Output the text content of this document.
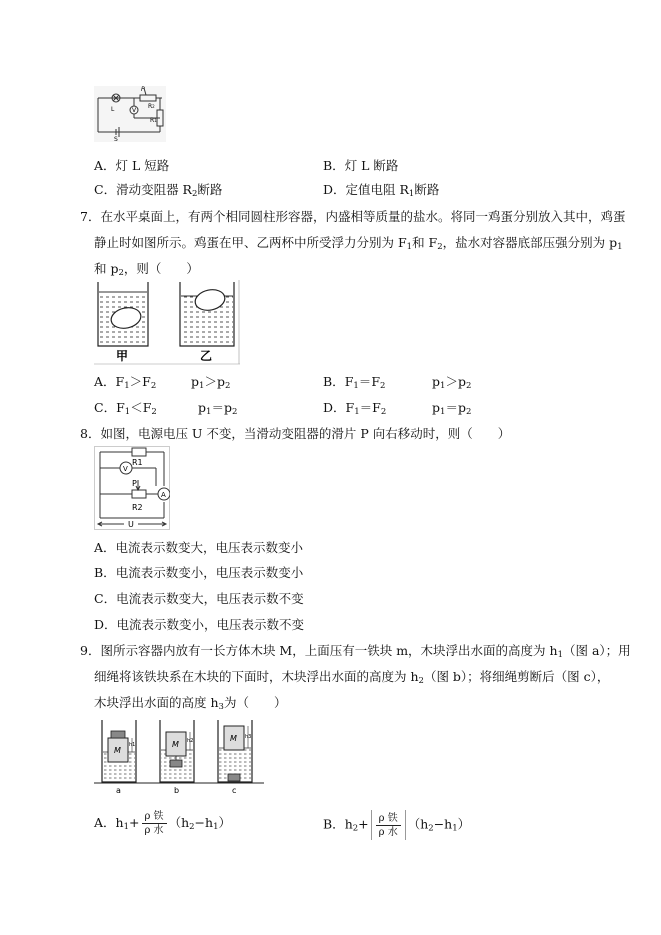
L	V
P
R2
R1
S
A．灯 L 短路	B．灯 L 断路
C．滑动变阻器 $R_2$断路	D．定值电阻 $R_1$断路
7．在水平桌面上，有两个相同圆柱形容器，内盛相等质量的盐水。将同一鸡蛋分别放入其中，鸡蛋
静止时如图所示。鸡蛋在甲、乙两杯中所受浮力分别为 $F_1$和 $F_2$，盐水对容器底部压强分别为 $p_1$
和 $p_2$，则（　　）
甲	乙
A．$F_1>F_2$	$p_1>p_2$	B．$F_1=F_2$	$p_1>p_2$
C．$F_1<F_2$	$p_1=p_2$	D．$F_1=F_2$	$p_1=p_2$
8．如图，电源电压 U 不变，当滑动变阻器的滑片 P 向右移动时，则（　　）
R1
V
P
R2
A
U
A．电流表示数变大，电压表示数变小
B．电流表示数变小，电压表示数变小
C．电流表示数变大，电压表示数不变
D．电流表示数变小，电压表示数不变
9．图所示容器内放有一长方体木块 M，上面压有一铁块 m，木块浮出水面的高度为 $h_1$（图 a）；用
细绳将该铁块系在木块的下面时，木块浮出水面的高度为 $h_2$（图 b）；将细绳剪断后（图 c），
木块浮出水面的高度 $h_3$为（　　）
M
M
M
h1
h2
h3
a	b	c
A．$h_1+ \frac{\text{ρ 铁}}{\text{ρ 水}} (h_2-h_1)$	B．$h_2+ \frac{\text{ρ 铁}}{\text{ρ 水}} (h_2-h_1)$
